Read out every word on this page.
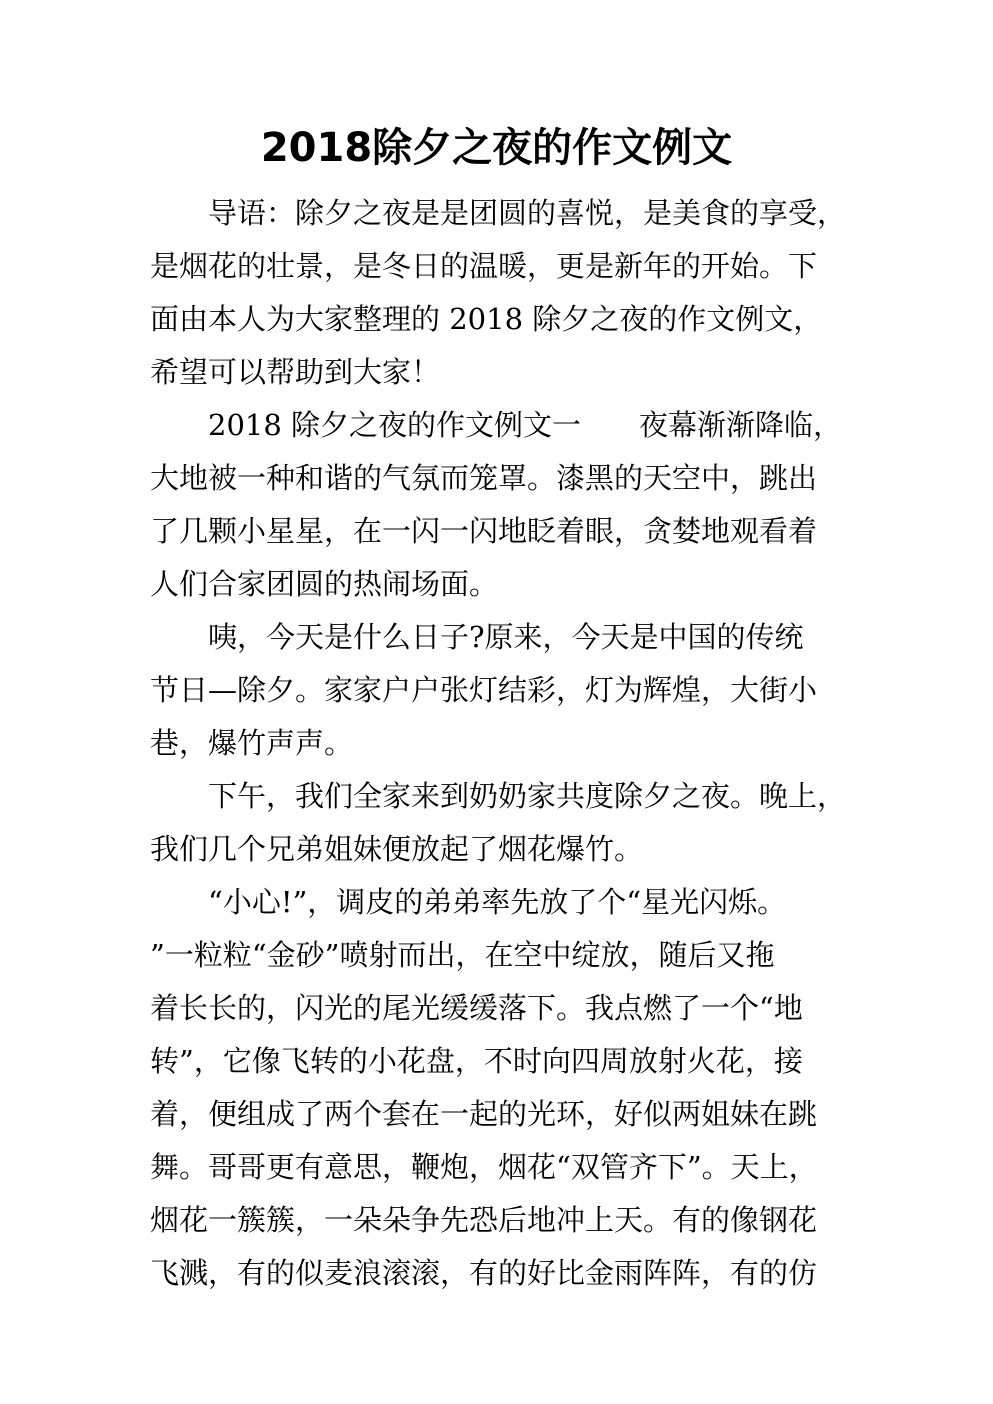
2018除夕之夜的作文例文
导语：除夕之夜是是团圆的喜悦，是美食的享受，
是烟花的壮景，是冬日的温暖，更是新年的开始。下
面由本人为大家整理的 2018 除夕之夜的作文例文，
希望可以帮助到大家！
2018 除夕之夜的作文例文一　　夜幕渐渐降临，
大地被一种和谐的气氛而笼罩。漆黑的天空中，跳出
了几颗小星星，在一闪一闪地眨着眼，贪婪地观看着
人们合家团圆的热闹场面。
咦，今天是什么日子?原来，今天是中国的传统
节日—除夕。家家户户张灯结彩，灯为辉煌，大街小
巷，爆竹声声。
下午，我们全家来到奶奶家共度除夕之夜。晚上，
我们几个兄弟姐妹便放起了烟花爆竹。
“小心!”，调皮的弟弟率先放了个“星光闪烁。
”一粒粒“金砂”喷射而出，在空中绽放，随后又拖
着长长的，闪光的尾光缓缓落下。我点燃了一个“地
转”，它像飞转的小花盘，不时向四周放射火花，接
着，便组成了两个套在一起的光环，好似两姐妹在跳
舞。哥哥更有意思，鞭炮，烟花“双管齐下”。天上，
烟花一簇簇，一朵朵争先恐后地冲上天。有的像钢花
飞溅，有的似麦浪滚滚，有的好比金雨阵阵，有的仿
